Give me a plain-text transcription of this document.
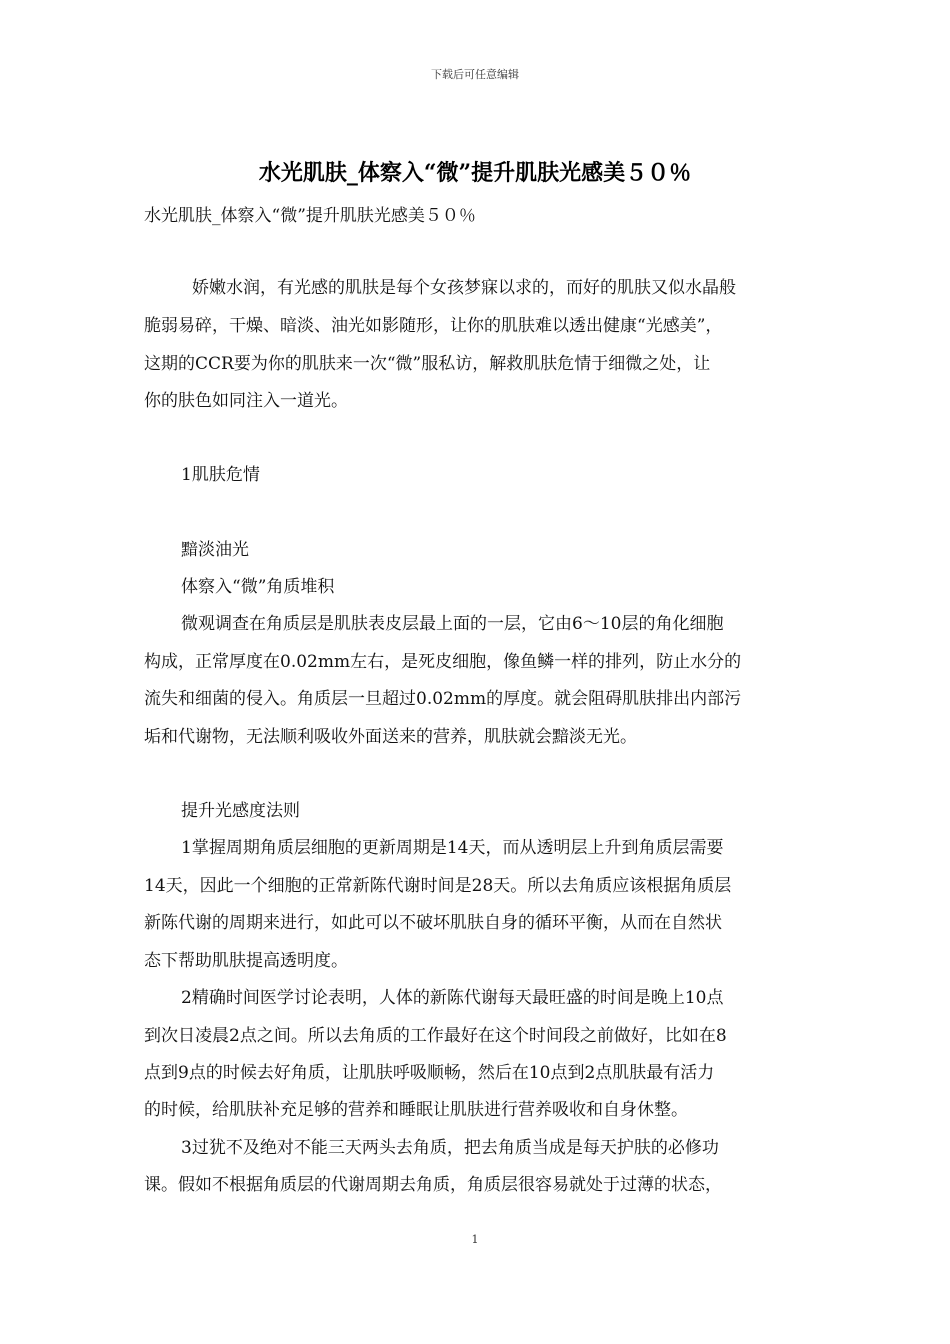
下载后可任意编辑
水光肌肤_体察入“微”提升肌肤光感美５０％
水光肌肤_体察入“微”提升肌肤光感美５０％
娇嫩水润，有光感的肌肤是每个女孩梦寐以求的，而好的肌肤又似水晶般
脆弱易碎，干燥、暗淡、油光如影随形，让你的肌肤难以透出健康“光感美”，
这期的CCR要为你的肌肤来一次“微”服私访，解救肌肤危情于细微之处，让
你的肤色如同注入一道光。
1肌肤危情
黯淡油光
体察入“微”角质堆积
微观调查在角质层是肌肤表皮层最上面的一层，它由6～10层的角化细胞
构成，正常厚度在0.02mm左右，是死皮细胞，像鱼鳞一样的排列，防止水分的
流失和细菌的侵入。角质层一旦超过0.02mm的厚度。就会阻碍肌肤排出内部污
垢和代谢物，无法顺利吸收外面送来的营养，肌肤就会黯淡无光。
提升光感度法则
1掌握周期角质层细胞的更新周期是14天，而从透明层上升到角质层需要
14天，因此一个细胞的正常新陈代谢时间是28天。所以去角质应该根据角质层
新陈代谢的周期来进行，如此可以不破坏肌肤自身的循环平衡，从而在自然状
态下帮助肌肤提高透明度。
2精确时间医学讨论表明，人体的新陈代谢每天最旺盛的时间是晚上10点
到次日凌晨2点之间。所以去角质的工作最好在这个时间段之前做好，比如在8
点到9点的时候去好角质，让肌肤呼吸顺畅，然后在10点到2点肌肤最有活力
的时候，给肌肤补充足够的营养和睡眠让肌肤进行营养吸收和自身休整。
3过犹不及绝对不能三天两头去角质，把去角质当成是每天护肤的必修功
课。假如不根据角质层的代谢周期去角质，角质层很容易就处于过薄的状态，
1
